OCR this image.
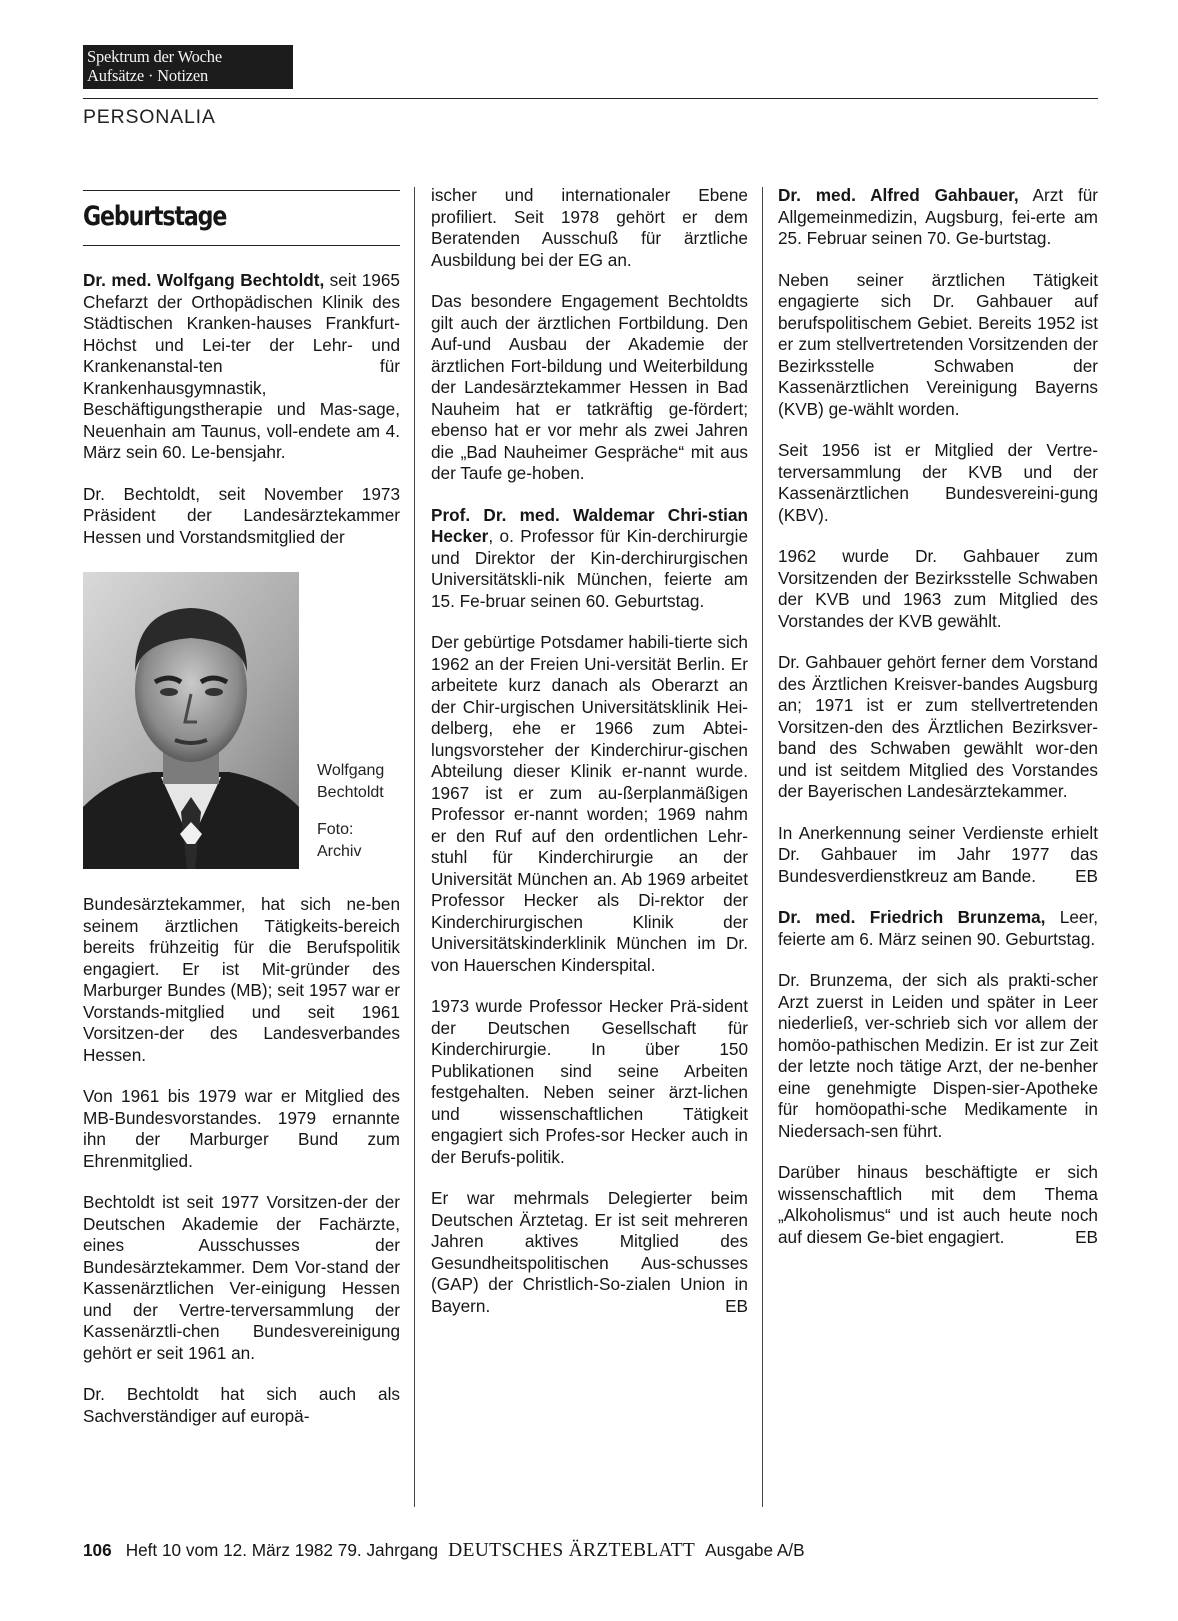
Spektrum der Woche
Aufsätze · Notizen
PERSONALIA
Geburtstage

Dr. med. Wolfgang Bechtoldt, seit 1965 Chefarzt der Orthopädischen Klinik des Städtischen Kranken-hauses Frankfurt-Höchst und Lei-ter der Lehr- und Krankenanstal-ten für Krankenhausgymnastik, Beschäftigungstherapie und Mas-sage, Neuenhain am Taunus, voll-endete am 4. März sein 60. Le-bensjahr.

Dr. Bechtoldt, seit November 1973 Präsident der Landesärztekammer Hessen und Vorstandsmitglied der

Wolfgang Bechtoldt
Foto: Archiv

Bundesärztekammer, hat sich ne-ben seinem ärztlichen Tätigkeits-bereich bereits frühzeitig für die Berufspolitik engagiert. Er ist Mit-gründer des Marburger Bundes (MB); seit 1957 war er Vorstands-mitglied und seit 1961 Vorsitzen-der des Landesverbandes Hessen.

Von 1961 bis 1979 war er Mitglied des MB-Bundesvorstandes. 1979 ernannte ihn der Marburger Bund zum Ehrenmitglied.

Bechtoldt ist seit 1977 Vorsitzen-der der Deutschen Akademie der Fachärzte, eines Ausschusses der Bundesärztekammer. Dem Vor-stand der Kassenärztlichen Ver-einigung Hessen und der Vertre-terversammlung der Kassenärztli-chen Bundesvereinigung gehört er seit 1961 an.

Dr. Bechtoldt hat sich auch als Sachverständiger auf europä-

ischer und internationaler Ebene profiliert. Seit 1978 gehört er dem Beratenden Ausschuß für ärztliche Ausbildung bei der EG an.

Das besondere Engagement Bechtoldts gilt auch der ärztlichen Fortbildung. Den Auf-und Ausbau der Akademie der ärztlichen Fort-bildung und Weiterbildung der Landesärztekammer Hessen in Bad Nauheim hat er tatkräftig ge-fördert; ebenso hat er vor mehr als zwei Jahren die „Bad Nauheimer Gespräche“ mit aus der Taufe ge-hoben.

Prof. Dr. med. Waldemar Chri-stian Hecker, o. Professor für Kin-derchirurgie und Direktor der Kin-derchirurgischen Universitätskli-nik München, feierte am 15. Fe-bruar seinen 60. Geburtstag.

Der gebürtige Potsdamer habili-tierte sich 1962 an der Freien Uni-versität Berlin. Er arbeitete kurz danach als Oberarzt an der Chir-urgischen Universitätsklinik Hei-delberg, ehe er 1966 zum Abtei-lungsvorsteher der Kinderchirur-gischen Abteilung dieser Klinik er-nannt wurde. 1967 ist er zum au-ßerplanmäßigen Professor er-nannt worden; 1969 nahm er den Ruf auf den ordentlichen Lehr-stuhl für Kinderchirurgie an der Universität München an. Ab 1969 arbeitet Professor Hecker als Di-rektor der Kinderchirurgischen Klinik der Universitätskinderklinik München im Dr. von Hauerschen Kinderspital.

1973 wurde Professor Hecker Prä-sident der Deutschen Gesellschaft für Kinderchirurgie. In über 150 Publikationen sind seine Arbeiten festgehalten. Neben seiner ärzt-lichen und wissenschaftlichen Tätigkeit engagiert sich Profes-sor Hecker auch in der Berufs-politik.

Er war mehrmals Delegierter beim Deutschen Ärztetag. Er ist seit mehreren Jahren aktives Mitglied des Gesundheitspolitischen Aus-schusses (GAP) der Christlich-So-zialen Union in Bayern.	EB

Dr. med. Alfred Gahbauer, Arzt für Allgemeinmedizin, Augsburg, fei-erte am 25. Februar seinen 70. Ge-burtstag.

Neben seiner ärztlichen Tätigkeit engagierte sich Dr. Gahbauer auf berufspolitischem Gebiet. Bereits 1952 ist er zum stellvertretenden Vorsitzenden der Bezirksstelle Schwaben der Kassenärztlichen Vereinigung Bayerns (KVB) ge-wählt worden.

Seit 1956 ist er Mitglied der Vertre-terversammlung der KVB und der Kassenärztlichen Bundesvereini-gung (KBV).

1962 wurde Dr. Gahbauer zum Vorsitzenden der Bezirksstelle Schwaben der KVB und 1963 zum Mitglied des Vorstandes der KVB gewählt.

Dr. Gahbauer gehört ferner dem Vorstand des Ärztlichen Kreisver-bandes Augsburg an; 1971 ist er zum stellvertretenden Vorsitzen-den des Ärztlichen Bezirksver-band des Schwaben gewählt wor-den und ist seitdem Mitglied des Vorstandes der Bayerischen Landesärztekammer.

In Anerkennung seiner Verdienste erhielt Dr. Gahbauer im Jahr 1977 das Bundesverdienstkreuz am Bande. EB

Dr. med. Friedrich Brunzema, Leer, feierte am 6. März seinen 90. Geburtstag.

Dr. Brunzema, der sich als prakti-scher Arzt zuerst in Leiden und später in Leer niederließ, ver-schrieb sich vor allem der homöo-pathischen Medizin. Er ist zur Zeit der letzte noch tätige Arzt, der ne-benher eine genehmigte Dispen-sier-Apotheke für homöopathi-sche Medikamente in Niedersach-sen führt.

Darüber hinaus beschäftigte er sich wissenschaftlich mit dem Thema „Alkoholismus“ und ist auch heute noch auf diesem Ge-biet engagiert.	EB

106 Heft 10 vom 12. März 1982 79. Jahrgang DEUTSCHES ÄRZTEBLATT Ausgabe A/B
